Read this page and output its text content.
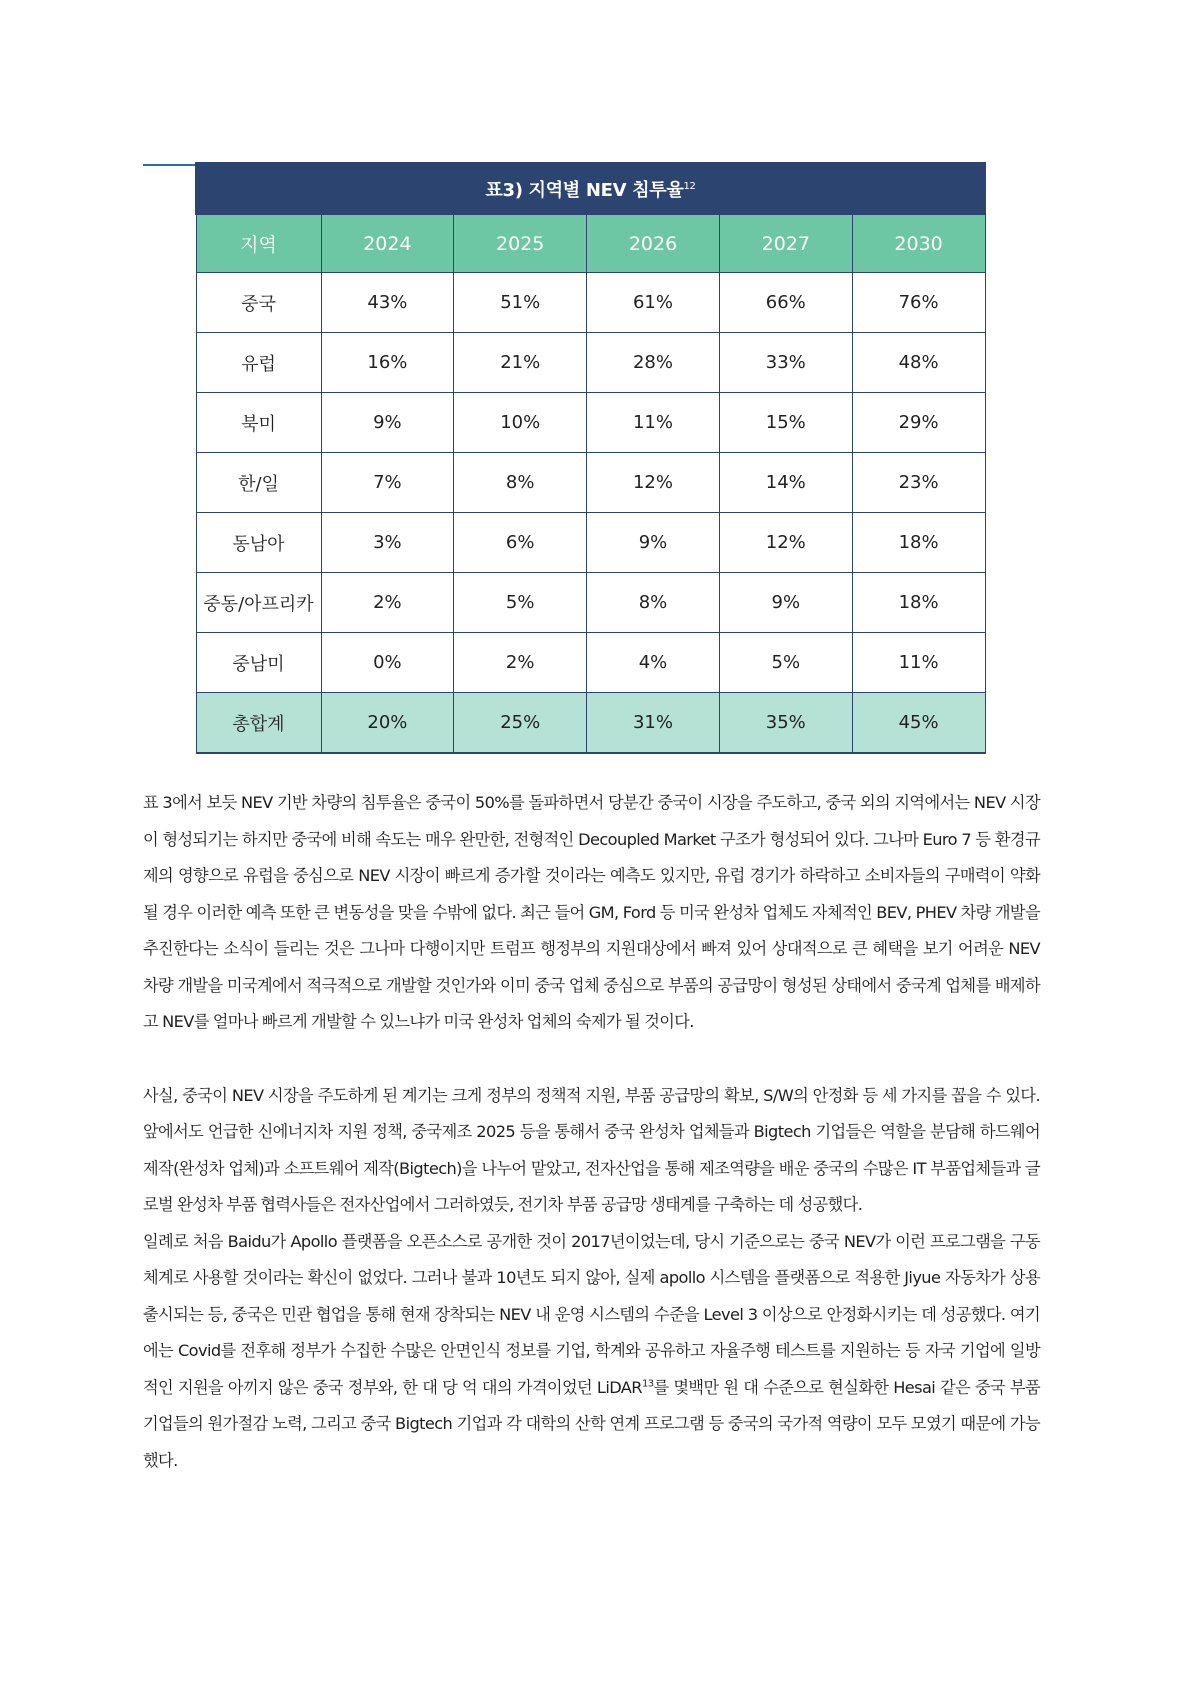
표3) 지역별 NEV 침투율$^{12}$
지역	2024	2025	2026	2027	2030
중국	43%	51%	61%	66%	76%
유럽	16%	21%	28%	33%	48%
북미	9%	10%	11%	15%	29%
한/일	7%	8%	12%	14%	23%
동남아	3%	6%	9%	12%	18%
중동/아프리카	2%	5%	8%	9%	18%
중남미	0%	2%	4%	5%	11%
총합계	20%	25%	31%	35%	45%

표 3에서 보듯 NEV 기반 차량의 침투율은 중국이 50%를 돌파하면서 당분간 중국이 시장을 주도하고, 중국 외의 지역에서는 NEV 시장이 형성되기는 하지만 중국에 비해 속도는 매우 완만한, 전형적인 Decoupled Market 구조가 형성되어 있다. 그나마 Euro 7 등 환경규제의 영향으로 유럽을 중심으로 NEV 시장이 빠르게 증가할 것이라는 예측도 있지만, 유럽 경기가 하락하고 소비자들의 구매력이 약화될 경우 이러한 예측 또한 큰 변동성을 맞을 수밖에 없다. 최근 들어 GM, Ford 등 미국 완성차 업체도 자체적인 BEV, PHEV 차량 개발을 추진한다는 소식이 들리는 것은 그나마 다행이지만 트럼프 행정부의 지원대상에서 빠져 있어 상대적으로 큰 혜택을 보기 어려운 NEV 차량 개발을 미국계에서 적극적으로 개발할 것인가와 이미 중국 업체 중심으로 부품의 공급망이 형성된 상태에서 중국계 업체를 배제하고 NEV를 얼마나 빠르게 개발할 수 있느냐가 미국 완성차 업체의 숙제가 될 것이다.

사실, 중국이 NEV 시장을 주도하게 된 계기는 크게 정부의 정책적 지원, 부품 공급망의 확보, S/W의 안정화 등 세 가지를 꼽을 수 있다. 앞에서도 언급한 신에너지차 지원 정책, 중국제조 2025 등을 통해서 중국 완성차 업체들과 Bigtech 기업들은 역할을 분담해 하드웨어 제작(완성차 업체)과 소프트웨어 제작(Bigtech)을 나누어 맡았고, 전자산업을 통해 제조역량을 배운 중국의 수많은 IT 부품업체들과 글로벌 완성차 부품 협력사들은 전자산업에서 그러하였듯, 전기차 부품 공급망 생태계를 구축하는 데 성공했다.

일례로 처음 Baidu가 Apollo 플랫폼을 오픈소스로 공개한 것이 2017년이었는데, 당시 기준으로는 중국 NEV가 이런 프로그램을 구동체계로 사용할 것이라는 확신이 없었다. 그러나 불과 10년도 되지 않아, 실제 apollo 시스템을 플랫폼으로 적용한 Jiyue 자동차가 상용 출시되는 등, 중국은 민관 협업을 통해 현재 장착되는 NEV 내 운영 시스템의 수준을 Level 3 이상으로 안정화시키는 데 성공했다. 여기에는 Covid를 전후해 정부가 수집한 수많은 안면인식 정보를 기업, 학계와 공유하고 자율주행 테스트를 지원하는 등 자국 기업에 일방적인 지원을 아끼지 않은 중국 정부와, 한 대 당 억 대의 가격이었던 LiDAR$^{13}$를 몇백만 원 대 수준으로 현실화한 Hesai 같은 중국 부품 기업들의 원가절감 노력, 그리고 중국 Bigtech 기업과 각 대학의 산학 연계 프로그램 등 중국의 국가적 역량이 모두 모였기 때문에 가능했다.
